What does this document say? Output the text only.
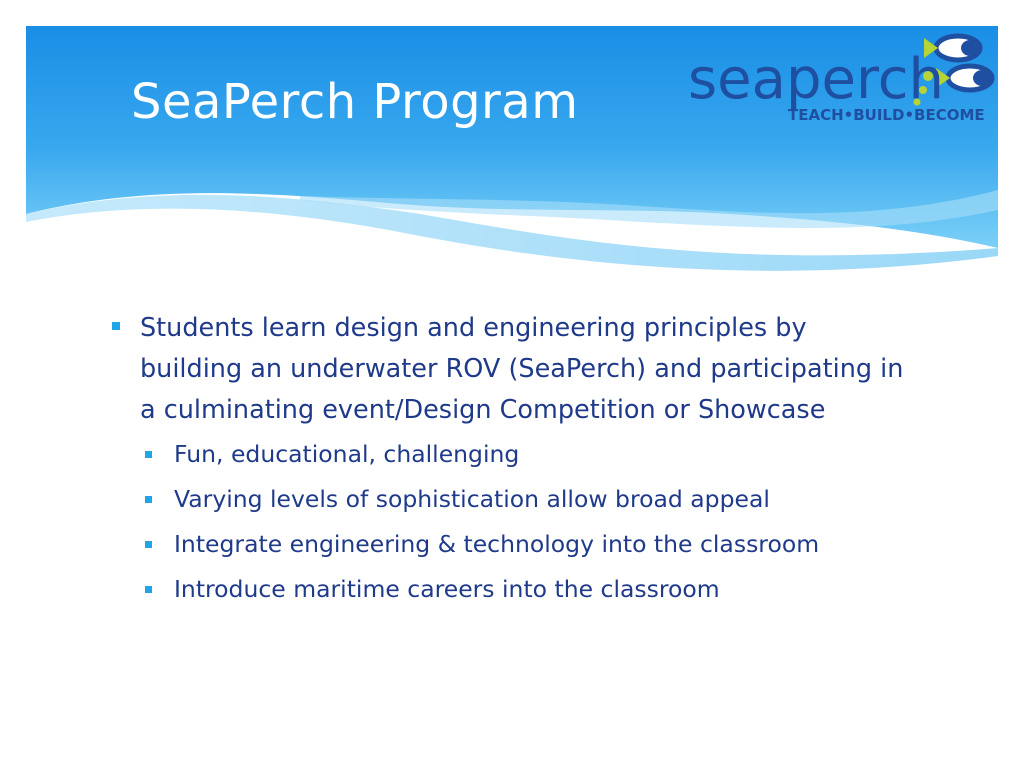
SeaPerch Program seaperch
TEACH•BUILD•BECOME
Students learn design and engineering principles by building an underwater ROV (SeaPerch) and participating in a culminating event/Design Competition or Showcase
Fun, educational, challenging
Varying levels of sophistication allow broad appeal
Integrate engineering & technology into the classroom
Introduce maritime careers into the classroom
